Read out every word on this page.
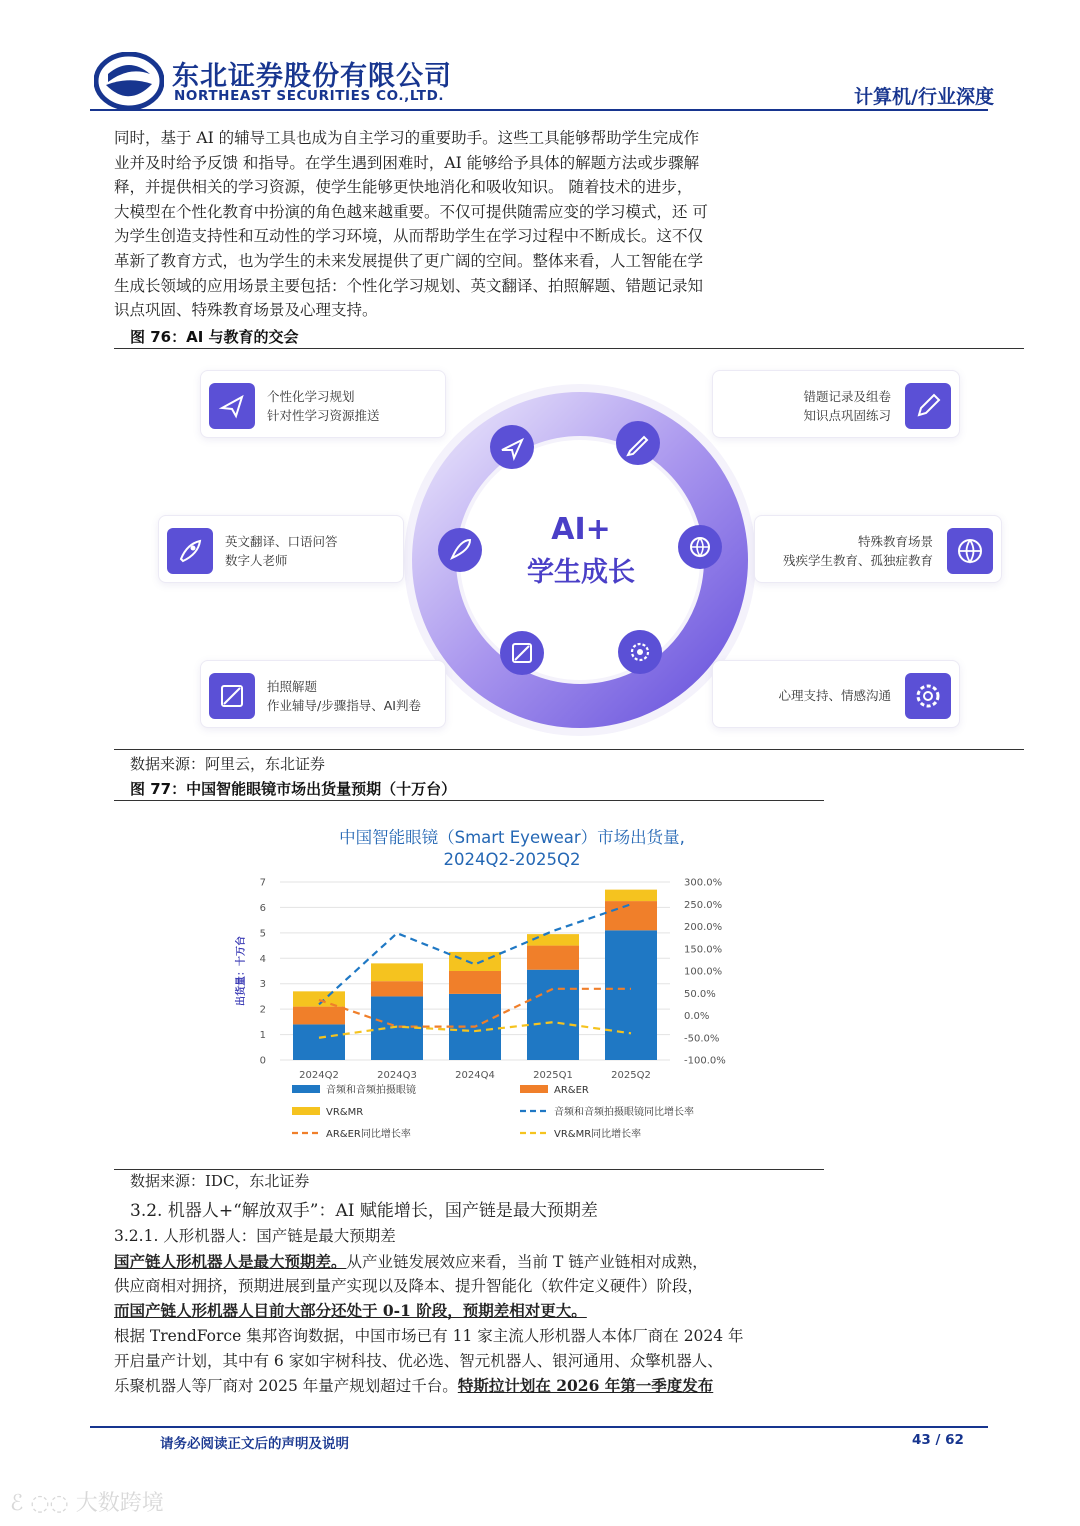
东北证券股份有限公司
NORTHEAST SECURITIES CO.,LTD.	计算机/行业深度

同时，基于 AI 的辅导工具也成为自主学习的重要助手。这些工具能够帮助学生完成作

业并及时给予反馈 和指导。在学生遇到困难时，AI 能够给予具体的解题方法或步骤解

释，并提供相关的学习资源，使学生能够更快地消化和吸收知识。 随着技术的进步，

大模型在个性化教育中扮演的角色越来越重要。不仅可提供随需应变的学习模式，还 可

为学生创造支持性和互动性的学习环境，从而帮助学生在学习过程中不断成长。这不仅

革新了教育方式，也为学生的未来发展提供了更广阔的空间。整体来看，人工智能在学

生成长领域的应用场景主要包括：个性化学习规划、英文翻译、拍照解题、错题记录知

识点巩固、特殊教育场景及心理支持。

图 76：AI 与教育的交会
AI+
学生成长
个性化学习规划
针对性学习资源推送
英文翻译、口语问答
数字人老师
拍照解题
作业辅导/步骤指导、AI判卷
错题记录及组卷
知识点巩固练习
特殊教育场景
残疾学生教育、孤独症教育
心理支持、情感沟通
数据来源：阿里云，东北证券
图 77：中国智能眼镜市场出货量预期（十万台）
中国智能眼镜（Smart Eyewear）市场出货量,
2024Q2-2025Q2
0
1
2
3
4
5
6
7
-100.0%
-50.0%
0.0%
50.0%
100.0%
150.0%
200.0%
250.0%
300.0%
出货量：十万台
2024Q2	2024Q3	2024Q4	2025Q1	2025Q2
音频和音频拍摄眼镜	AR&ER
VR&MR	音频和音频拍摄眼镜同比增长率
AR&ER同比增长率	VR&MR同比增长率
数据来源：IDC，东北证券
3.2. 机器人+“解放双手”：AI 赋能增长，国产链是最大预期差
3.2.1. 人形机器人：国产链是最大预期差
国产链人形机器人是最大预期差。从产业链发展效应来看，当前 T 链产业链相对成熟，
供应商相对拥挤，预期进展到量产实现以及降本、提升智能化（软件定义硬件）阶段，
而国产链人形机器人目前大部分还处于 0-1 阶段，预期差相对更大。
根据 TrendForce 集邦咨询数据，中国市场已有 11 家主流人形机器人本体厂商在 2024 年
开启量产计划，其中有 6 家如宇树科技、优必选、智元机器人、银河通用、众擎机器人、
乐聚机器人等厂商对 2025 年量产规划超过千台。特斯拉计划在 2026 年第一季度发布
请务必阅读正文后的声明及说明	43 / 62
ℰ ◌◌ 大数跨境
